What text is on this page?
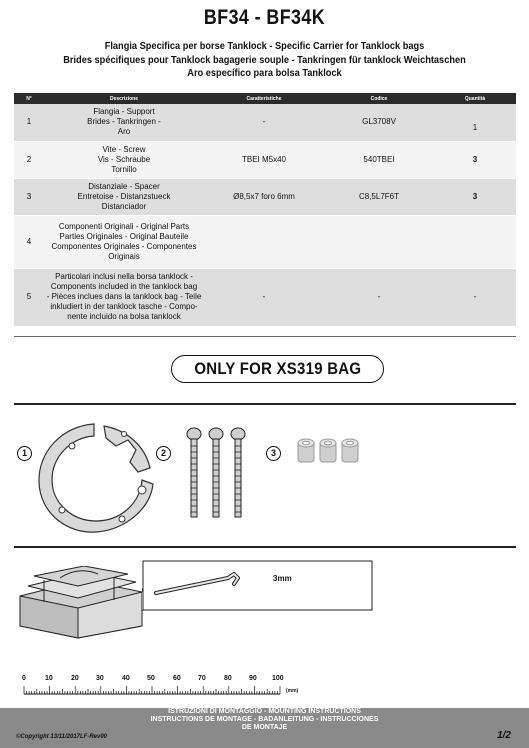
BF34 - BF34K
Flangia Specifica per borse Tanklock - Specific Carrier for Tanklock bags
Brides spécifiques pour Tanklock bagagerie souple - Tankringen für tanklock Weichtaschen
Aro específico para bolsa Tanklock
N°	Descrizione	Caratteristiche	Codice	Quantità
1	Flangia - Support
Brides - Tankringen -
Aro	-	GL3708V	1
2	Vite - Screw
Vis - Schraube
Tornillo	TBEI M5x40	540TBEI	3
3	Distanziale - Spacer
Entretoise - Distanzstueck
Distanciador	Ø8,5x7 foro 6mm	C8,5L7F6T	3
4	Componenti Originali - Original Parts
Parties Originales - Original Bauteile
Componentes Originales - Componentes
Originais			

5	Particolari inclusi nella borsa tanklock -
Components included in the tanklock bag
- Pièces inclues dans la tanklock bag - Teile
inkludiert in der tanklock tasche - Compo-
nente incluido na bolsa tanklock	-	-	-
ONLY FOR XS319 BAG
1	2	3
3mm
0	10	20 30	40 50	60 70	80 90 100
(mm)
ISTRUZIONI DI MONTAGGIO - MOUNTING INSTRUCTIONS
INSTRUCTIONS DE MONTAGE - BADANLEITUNG - INSTRUCCIONES
DE MONTAJE
©Copyright 13/11/2017LF-Rev00	1/2
